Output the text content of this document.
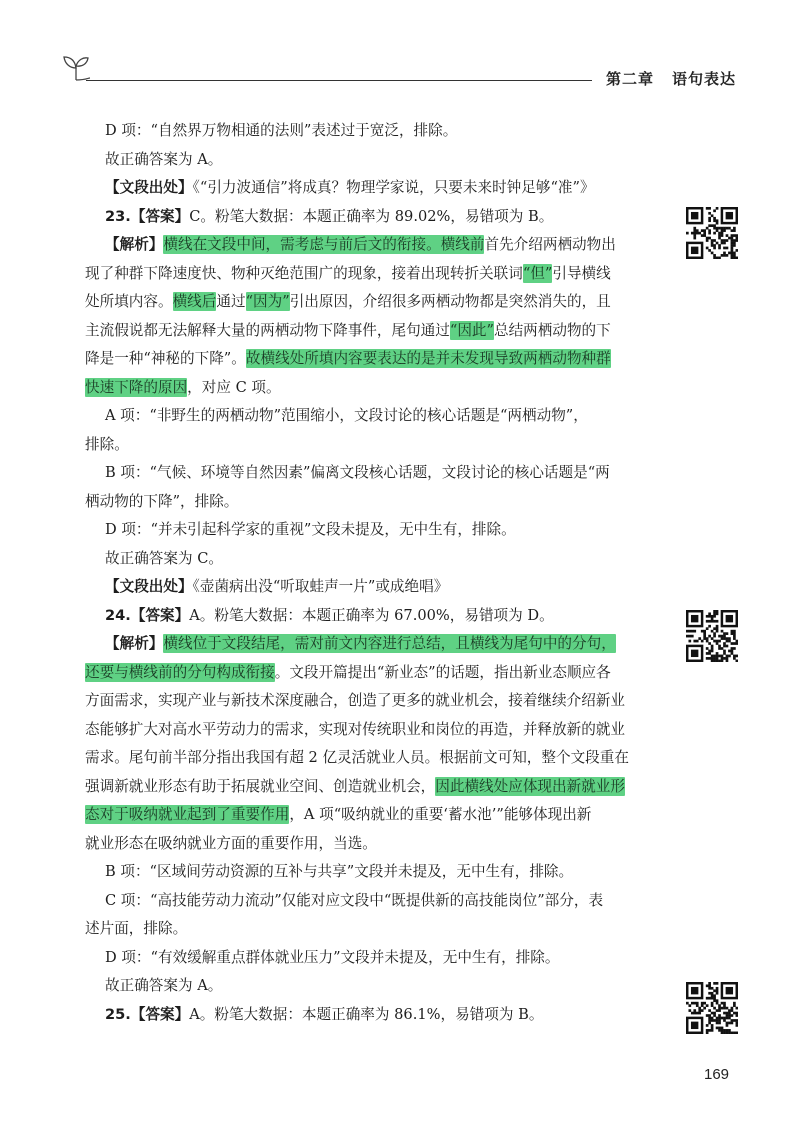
第二章 语句表达
D 项：“自然界万物相通的法则”表述过于宽泛，排除。
故正确答案为 A。
【文段出处】《“引力波通信”将成真？物理学家说，只要未来时钟足够“准”》
23.【答案】C。粉笔大数据：本题正确率为 89.02%，易错项为 B。
【解析】横线在文段中间，需考虑与前后文的衔接。横线前首先介绍两栖动物出
现了种群下降速度快、物种灭绝范围广的现象，接着出现转折关联词“但”引导横线
处所填内容。横线后通过“因为”引出原因，介绍很多两栖动物都是突然消失的，且
主流假说都无法解释大量的两栖动物下降事件，尾句通过“因此”总结两栖动物的下
降是一种“神秘的下降”。故横线处所填内容要表达的是并未发现导致两栖动物种群
快速下降的原因，对应 C 项。
A 项：“非野生的两栖动物”范围缩小，文段讨论的核心话题是“两栖动物”，
排除。
B 项：“气候、环境等自然因素”偏离文段核心话题，文段讨论的核心话题是“两
栖动物的下降”，排除。
D 项：“并未引起科学家的重视”文段未提及，无中生有，排除。
故正确答案为 C。
【文段出处】《壶菌病出没“听取蛙声一片”或成绝唱》
24.【答案】A。粉笔大数据：本题正确率为 67.00%，易错项为 D。
【解析】横线位于文段结尾，需对前文内容进行总结，且横线为尾句中的分句，
还要与横线前的分句构成衔接。文段开篇提出“新业态”的话题，指出新业态顺应各
方面需求，实现产业与新技术深度融合，创造了更多的就业机会，接着继续介绍新业
态能够扩大对高水平劳动力的需求，实现对传统职业和岗位的再造，并释放新的就业
需求。尾句前半部分指出我国有超 2 亿灵活就业人员。根据前文可知，整个文段重在
强调新就业形态有助于拓展就业空间、创造就业机会，因此横线处应体现出新就业形
态对于吸纳就业起到了重要作用，A 项“吸纳就业的重要‘蓄水池’”能够体现出新
就业形态在吸纳就业方面的重要作用，当选。
B 项：“区域间劳动资源的互补与共享”文段并未提及，无中生有，排除。
C 项：“高技能劳动力流动”仅能对应文段中“既提供新的高技能岗位”部分，表
述片面，排除。
D 项：“有效缓解重点群体就业压力”文段并未提及，无中生有，排除。
故正确答案为 A。
25.【答案】A。粉笔大数据：本题正确率为 86.1%，易错项为 B。
169
